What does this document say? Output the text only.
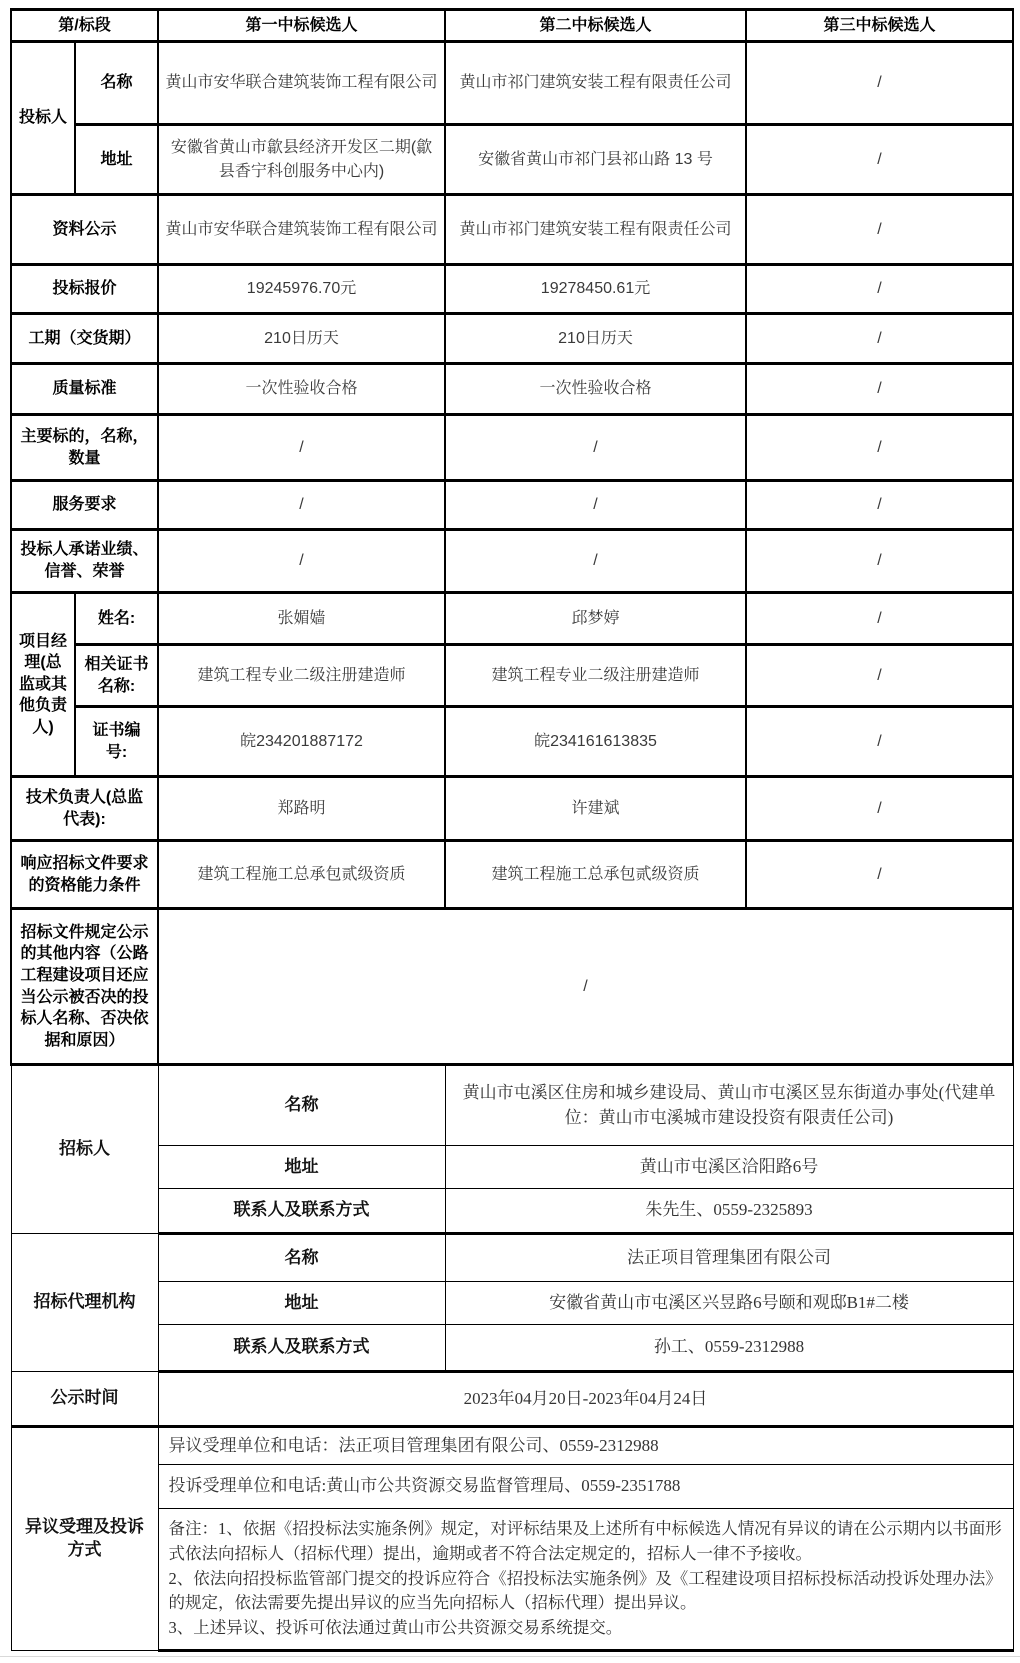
第/标段		第一中标候选人	第二中标候选人	第三中标候选人
投标人	名称	黄山市安华联合建筑装饰工程有限公司	黄山市祁门建筑安装工程有限责任公司	/
	地址	安徽省黄山市歙县经济开发区二期(歙县香宁科创服务中心内)	安徽省黄山市祁门县祁山路 13 号	/
资料公示		黄山市安华联合建筑装饰工程有限公司	黄山市祁门建筑安装工程有限责任公司	/
投标报价		19245976.70元	19278450.61元	/
工期（交货期）		210日历天	210日历天	/
质量标准		一次性验收合格	一次性验收合格	/
主要标的，名称，数量		/	/	/
服务要求		/	/	/
投标人承诺业绩、信誉、荣誉		/	/	/
项目经理(总监或其他负责人)	姓名:	张媚嫱	邱梦婷	/
	相关证书名称:	建筑工程专业二级注册建造师	建筑工程专业二级注册建造师	/
	证书编号:	皖234201887172	皖234161613835	/
技术负责人(总监代表):		郑路明	许建斌	/
响应招标文件要求的资格能力条件		建筑工程施工总承包贰级资质	建筑工程施工总承包贰级资质	/
招标文件规定公示的其他内容（公路工程建设项目还应当公示被否决的投标人名称、否决依据和原因）		/		
招标人		名称	黄山市屯溪区住房和城乡建设局、黄山市屯溪区昱东街道办事处(代建单位：黄山市屯溪城市建设投资有限责任公司)	
		地址	黄山市屯溪区洽阳路6号	
		联系人及联系方式	朱先生、0559-2325893	
招标代理机构		名称	法正项目管理集团有限公司	
		地址	安徽省黄山市屯溪区兴昱路6号颐和观邸B1#二楼	
		联系人及联系方式	孙工、0559-2312988	
公示时间		2023年04月20日-2023年04月24日		
异议受理及投诉方式		异议受理单位和电话：法正项目管理集团有限公司、0559-2312988		
		投诉受理单位和电话:黄山市公共资源交易监督管理局、0559-2351788		

		备注：1、依据《招投标法实施条例》规定，对评标结果及上述所有中标候选人情况有异议的请在公示期内以书面形式依法向招标人（招标代理）提出，逾期或者不符合法定规定的，招标人一律不予接收。
2、依法向招投标监管部门提交的投诉应符合《招投标法实施条例》及《工程建设项目招标投标活动投诉处理办法》的规定，依法需要先提出异议的应当先向招标人（招标代理）提出异议。
3、上述异议、投诉可依法通过黄山市公共资源交易系统提交。		
